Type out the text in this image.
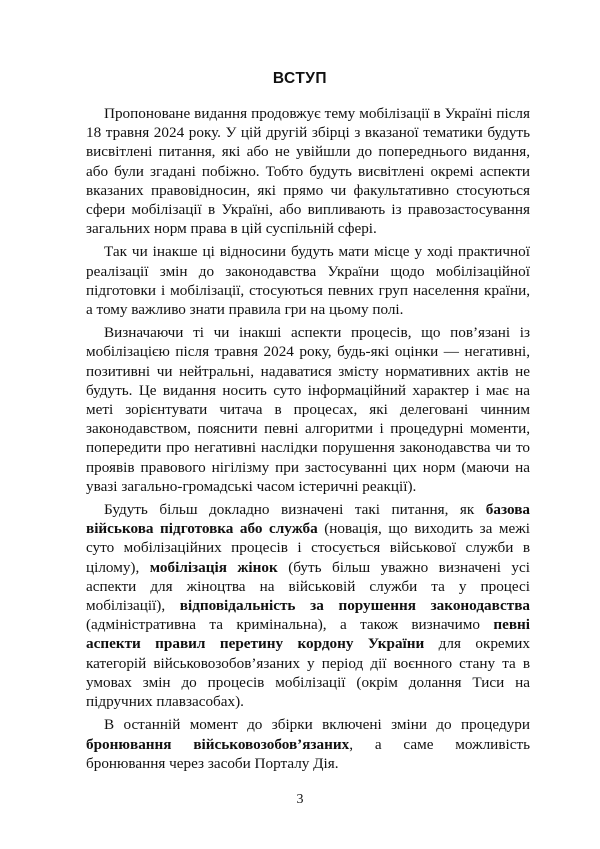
ВСТУП

Пропоноване видання продовжує тему мобілізації в Україні після 18 травня 2024 року. У цій другій збірці з вказаної тематики будуть висвітлені питання, які або не увійшли до попереднього видання, або були згадані побіжно. Тобто будуть висвітлені окремі аспекти вказаних правовідносин, які прямо чи факультативно стосуються сфери мобілізації в Україні, або випливають із правозастосування загальних норм права в цій суспільній сфері.

Так чи інакше ці відносини будуть мати місце у ході практичної реалізації змін до законодавства України щодо мобілізаційної підготовки і мобілізації, стосуються певних груп населення країни, а тому важливо знати правила гри на цьому полі.

Визначаючи ті чи інакші аспекти процесів, що пов’язані із мобілізацією після травня 2024 року, будь-які оцінки — негативні, позитивні чи нейтральні, надаватися змісту нормативних актів не будуть. Це видання носить суто інформаційний характер і має на меті зорієнтувати читача в процесах, які делеговані чинним законодавством, пояснити певні алгоритми і процедурні моменти, попередити про негативні наслідки порушення законодавства чи то проявів правового нігілізму при застосуванні цих норм (маючи на увазі загально-громадські часом істеричні реакції).

Будуть більш докладно визначені такі питання, як базова військова підготовка або служба (новація, що виходить за межі суто мобілізаційних процесів і стосується військової служби в цілому), мобілізація жінок (буть більш уважно визначені усі аспекти для жіноцтва на військовій служби та у процесі мобілізації), відповідальність за порушення законодавства (адміністративна та кримінальна), а також визначимо певні аспекти правил перетину кордону України для окремих категорій військовозобов’язаних у період дії воєнного стану та в умовах змін до процесів мобілізації (окрім долання Тиси на підручних плавзасобах).

В останній момент до збірки включені зміни до процедури бронювання військовозобов’язаних, а саме можливість бронювання через засоби Порталу Дія.

3
